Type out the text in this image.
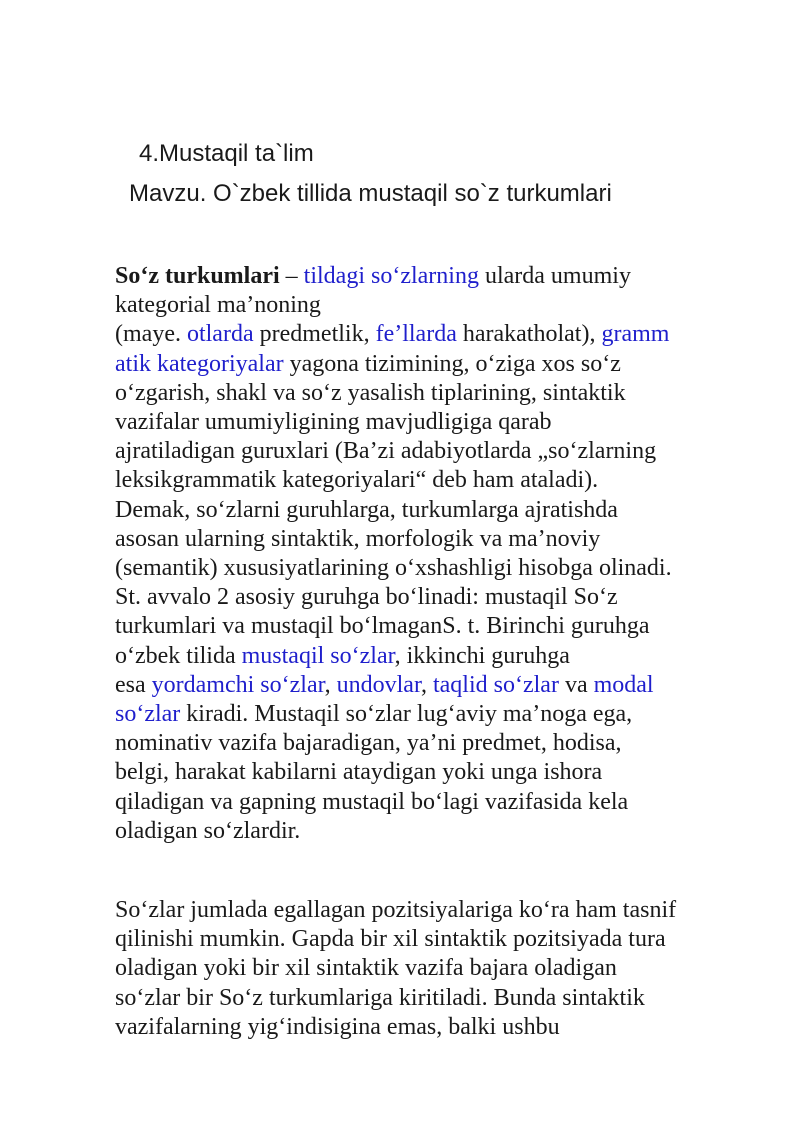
4.Mustaqil ta`lim
Mavzu. O`zbek tillida mustaqil so`z turkumlari
So‘z turkumlari – tildagi so‘zlarning ularda umumiy
kategorial ma’noning
(maye. otlarda predmetlik, fe’llarda harakatholat), gramm
atik kategoriyalar yagona tizimining, o‘ziga xos so‘z
o‘zgarish, shakl va so‘z yasalish tiplarining, sintaktik
vazifalar umumiyligining mavjudligiga qarab
ajratiladigan guruxlari (Ba’zi adabiyotlarda „so‘zlarning
leksikgrammatik kategoriyalari“ deb ham ataladi).
Demak, so‘zlarni guruhlarga, turkumlarga ajratishda
asosan ularning sintaktik, morfologik va ma’noviy
(semantik) xususiyatlarining o‘xshashligi hisobga olinadi.
St. avvalo 2 asosiy guruhga bo‘linadi: mustaqil So‘z
turkumlari va mustaqil bo‘lmaganS. t. Birinchi guruhga
o‘zbek tilida mustaqil so‘zlar, ikkinchi guruhga
esa yordamchi so‘zlar, undovlar, taqlid so‘zlar va modal
so‘zlar kiradi. Mustaqil so‘zlar lug‘aviy ma’noga ega,
nominativ vazifa bajaradigan, ya’ni predmet, hodisa,
belgi, harakat kabilarni ataydigan yoki unga ishora
qiladigan va gapning mustaqil bo‘lagi vazifasida kela
oladigan so‘zlardir.
So‘zlar jumlada egallagan pozitsiyalariga ko‘ra ham tasnif
qilinishi mumkin. Gapda bir xil sintaktik pozitsiyada tura
oladigan yoki bir xil sintaktik vazifa bajara oladigan
so‘zlar bir So‘z turkumlariga kiritiladi. Bunda sintaktik
vazifalarning yig‘indisigina emas, balki ushbu
